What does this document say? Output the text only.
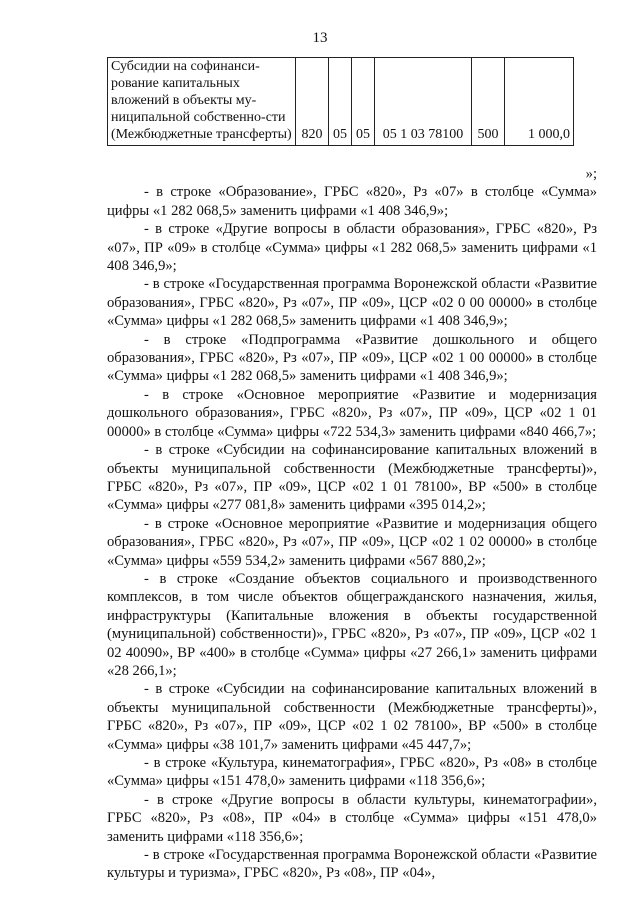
13
Субсидии на софинанси-рование капитальных вложений в объекты му-ниципальной собственно-сти (Межбюджетные трансферты)	820	05	05	05 1 03 78100	500	1 000,0

»;

- в строке «Образование», ГРБС «820», Рз «07» в столбце «Сумма» цифры «1 282 068,5» заменить цифрами «1 408 346,9»;

- в строке «Другие вопросы в области образования», ГРБС «820», Рз «07», ПР «09» в столбце «Сумма» цифры «1 282 068,5» заменить цифрами «1 408 346,9»;

- в строке «Государственная программа Воронежской области «Развитие образования», ГРБС «820», Рз «07», ПР «09», ЦСР «02 0 00 00000» в столбце «Сумма» цифры «1 282 068,5» заменить цифрами «1 408 346,9»;

- в строке «Подпрограмма «Развитие дошкольного и общего образования», ГРБС «820», Рз «07», ПР «09», ЦСР «02 1 00 00000» в столбце «Сумма» цифры «1 282 068,5» заменить цифрами «1 408 346,9»;

- в строке «Основное мероприятие «Развитие и модернизация дошкольного образования», ГРБС «820», Рз «07», ПР «09», ЦСР «02 1 01 00000» в столбце «Сумма» цифры «722 534,3» заменить цифрами «840 466,7»;

- в строке «Субсидии на софинансирование капитальных вложений в объекты муниципальной собственности (Межбюджетные трансферты)», ГРБС «820», Рз «07», ПР «09», ЦСР «02 1 01 78100», ВР «500» в столбце «Сумма» цифры «277 081,8» заменить цифрами «395 014,2»;

- в строке «Основное мероприятие «Развитие и модернизация общего образования», ГРБС «820», Рз «07», ПР «09», ЦСР «02 1 02 00000» в столбце «Сумма» цифры «559 534,2» заменить цифрами «567 880,2»;

- в строке «Создание объектов социального и производственного комплексов, в том числе объектов общегражданского назначения, жилья, инфраструктуры (Капитальные вложения в объекты государственной (муниципальной) собственности)», ГРБС «820», Рз «07», ПР «09», ЦСР «02 1 02 40090», ВР «400» в столбце «Сумма» цифры «27 266,1» заменить цифрами «28 266,1»;

- в строке «Субсидии на софинансирование капитальных вложений в объекты муниципальной собственности (Межбюджетные трансферты)», ГРБС «820», Рз «07», ПР «09», ЦСР «02 1 02 78100», ВР «500» в столбце «Сумма» цифры «38 101,7» заменить цифрами «45 447,7»;

- в строке «Культура, кинематография», ГРБС «820», Рз «08» в столбце «Сумма» цифры «151 478,0» заменить цифрами «118 356,6»;

- в строке «Другие вопросы в области культуры, кинематографии», ГРБС «820», Рз «08», ПР «04» в столбце «Сумма» цифры «151 478,0» заменить цифрами «118 356,6»;

- в строке «Государственная программа Воронежской области «Развитие культуры и туризма», ГРБС «820», Рз «08», ПР «04»,
